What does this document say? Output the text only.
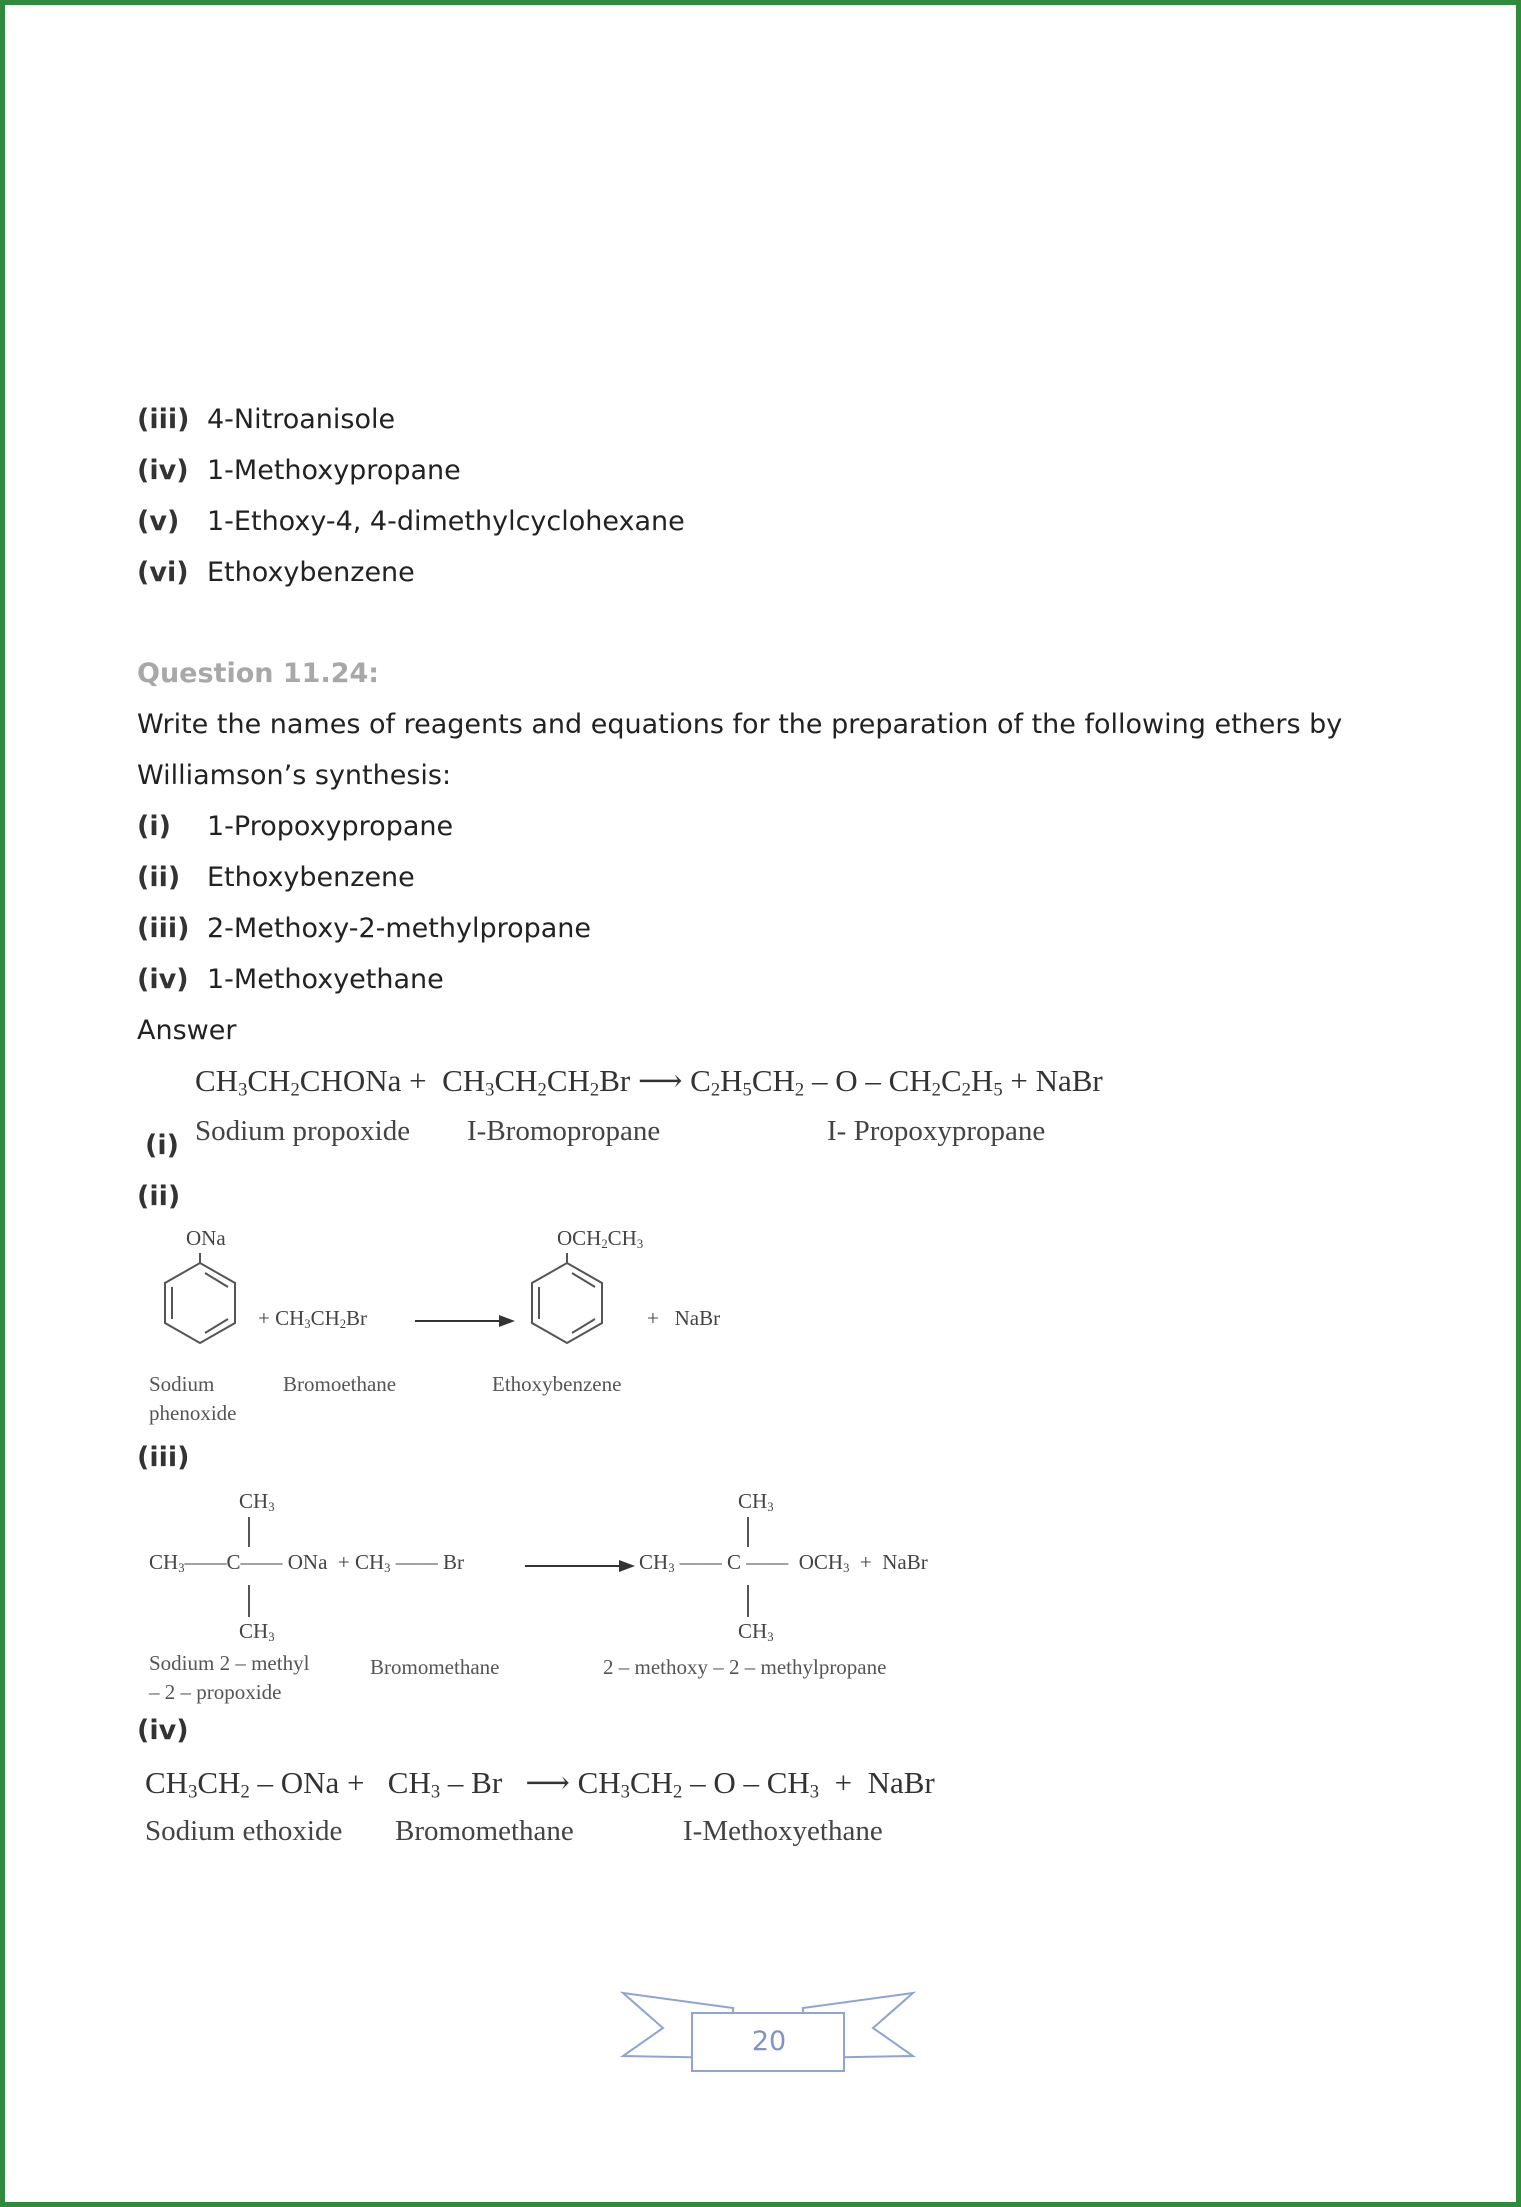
(iii) 4-Nitroanisole
(iv) 1-Methoxypropane
(v) 1-Ethoxy-4, 4-dimethylcyclohexane
(vi) Ethoxybenzene
Question 11.24:
Write the names of reagents and equations for the preparation of the following ethers by
Williamson’s synthesis:
(i) 1-Propoxypropane
(ii) Ethoxybenzene
(iii) 2-Methoxy-2-methylpropane
(iv) 1-Methoxyethane
Answer
$CH_3CH_2CHONa + CH_3CH_2CH_2Br$ ⟶ $C_2H_5CH_2$ – O – $CH_2C_2H_5$ + NaBr
(i) Sodium propoxide I-Bromopropane	I- Propoxypropane
(ii)
ONa
+ $CH_3CH_2Br$
$OCH_2CH_3$
+   NaBr
Sodium
phenoxide
Bromoethane	Ethoxybenzene
(iii)
$CH_3$
$CH_3——C——$ ONa  + $CH_3$ —— Br
$CH_3$
$CH_3$
$CH_3$ —— C ——  $OCH_3$  +  NaBr
$CH_3$
Sodium 2 – methyl
– 2 – propoxide
Bromomethane	2 – methoxy – 2 – methylpropane
(iv)
$CH_3CH_2$ – ONa +   $CH_3$ – Br   ⟶ $CH_3CH_2$ – O – $CH_3$  +  NaBr
Sodium ethoxide Bromomethane	I-Methoxyethane
20
